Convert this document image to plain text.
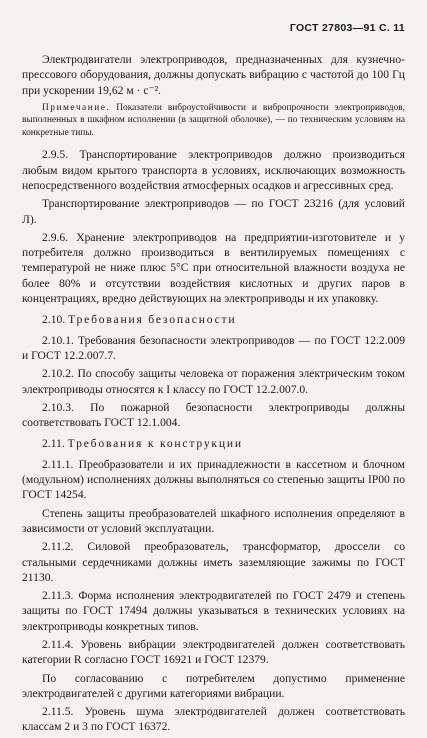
ГОСТ 27803—91 С. 11

Электродвигатели электроприводов, предназначенных для кузнечно-прессового оборудования, должны допускать вибрацию с частотой до 100 Гц при ускорении 19,62 м · с⁻².

Примечание. Показатели виброустойчивости и вибропрочности электроприводов, выполненных в шкафном исполнении (в защитной оболочке), — по техническим условиям на конкретные типы.

2.9.5. Транспортирование электроприводов должно производиться любым видом крытого транспорта в условиях, исключающих возможность непосредственного воздействия атмосферных осадков и агрессивных сред.

Транспортирование электроприводов — по ГОСТ 23216 (для условий Л).

2.9.6. Хранение электроприводов на предприятии-изготовителе и у потребителя должно производиться в вентилируемых помещениях с температурой не ниже плюс 5°С при относительной влажности воздуха не более 80% и отсутствии воздействия кислотных и других паров в концентрациях, вредно действующих на электроприводы и их упаковку.

2.10. Требования безопасности

2.10.1. Требования безопасности электроприводов — по ГОСТ 12.2.009 и ГОСТ 12.2.007.7.

2.10.2. По способу защиты человека от поражения электрическим током электроприводы относятся к I классу по ГОСТ 12.2.007.0.

2.10.3. По пожарной безопасности электроприводы должны соответствовать ГОСТ 12.1.004.

2.11. Требования к конструкции

2.11.1. Преобразователи и их принадлежности в кассетном и блочном (модульном) исполнениях должны выполняться со степенью защиты IP00 по ГОСТ 14254.

Степень защиты преобразователей шкафного исполнения определяют в зависимости от условий эксплуатации.

2.11.2. Силовой преобразователь, трансформатор, дроссели со стальными сердечниками должны иметь заземляющие зажимы по ГОСТ 21130.

2.11.3. Форма исполнения электродвигателей по ГОСТ 2479 и степень защиты по ГОСТ 17494 должны указываться в технических условиях на электроприводы конкретных типов.

2.11.4. Уровень вибрации электродвигателей должен соответствовать категории R согласно ГОСТ 16921 и ГОСТ 12379.

По согласованию с потребителем допустимо применение электродвигателей с другими категориями вибрации.

2.11.5. Уровень шума электродвигателей должен соответствовать классам 2 и 3 по ГОСТ 16372.
